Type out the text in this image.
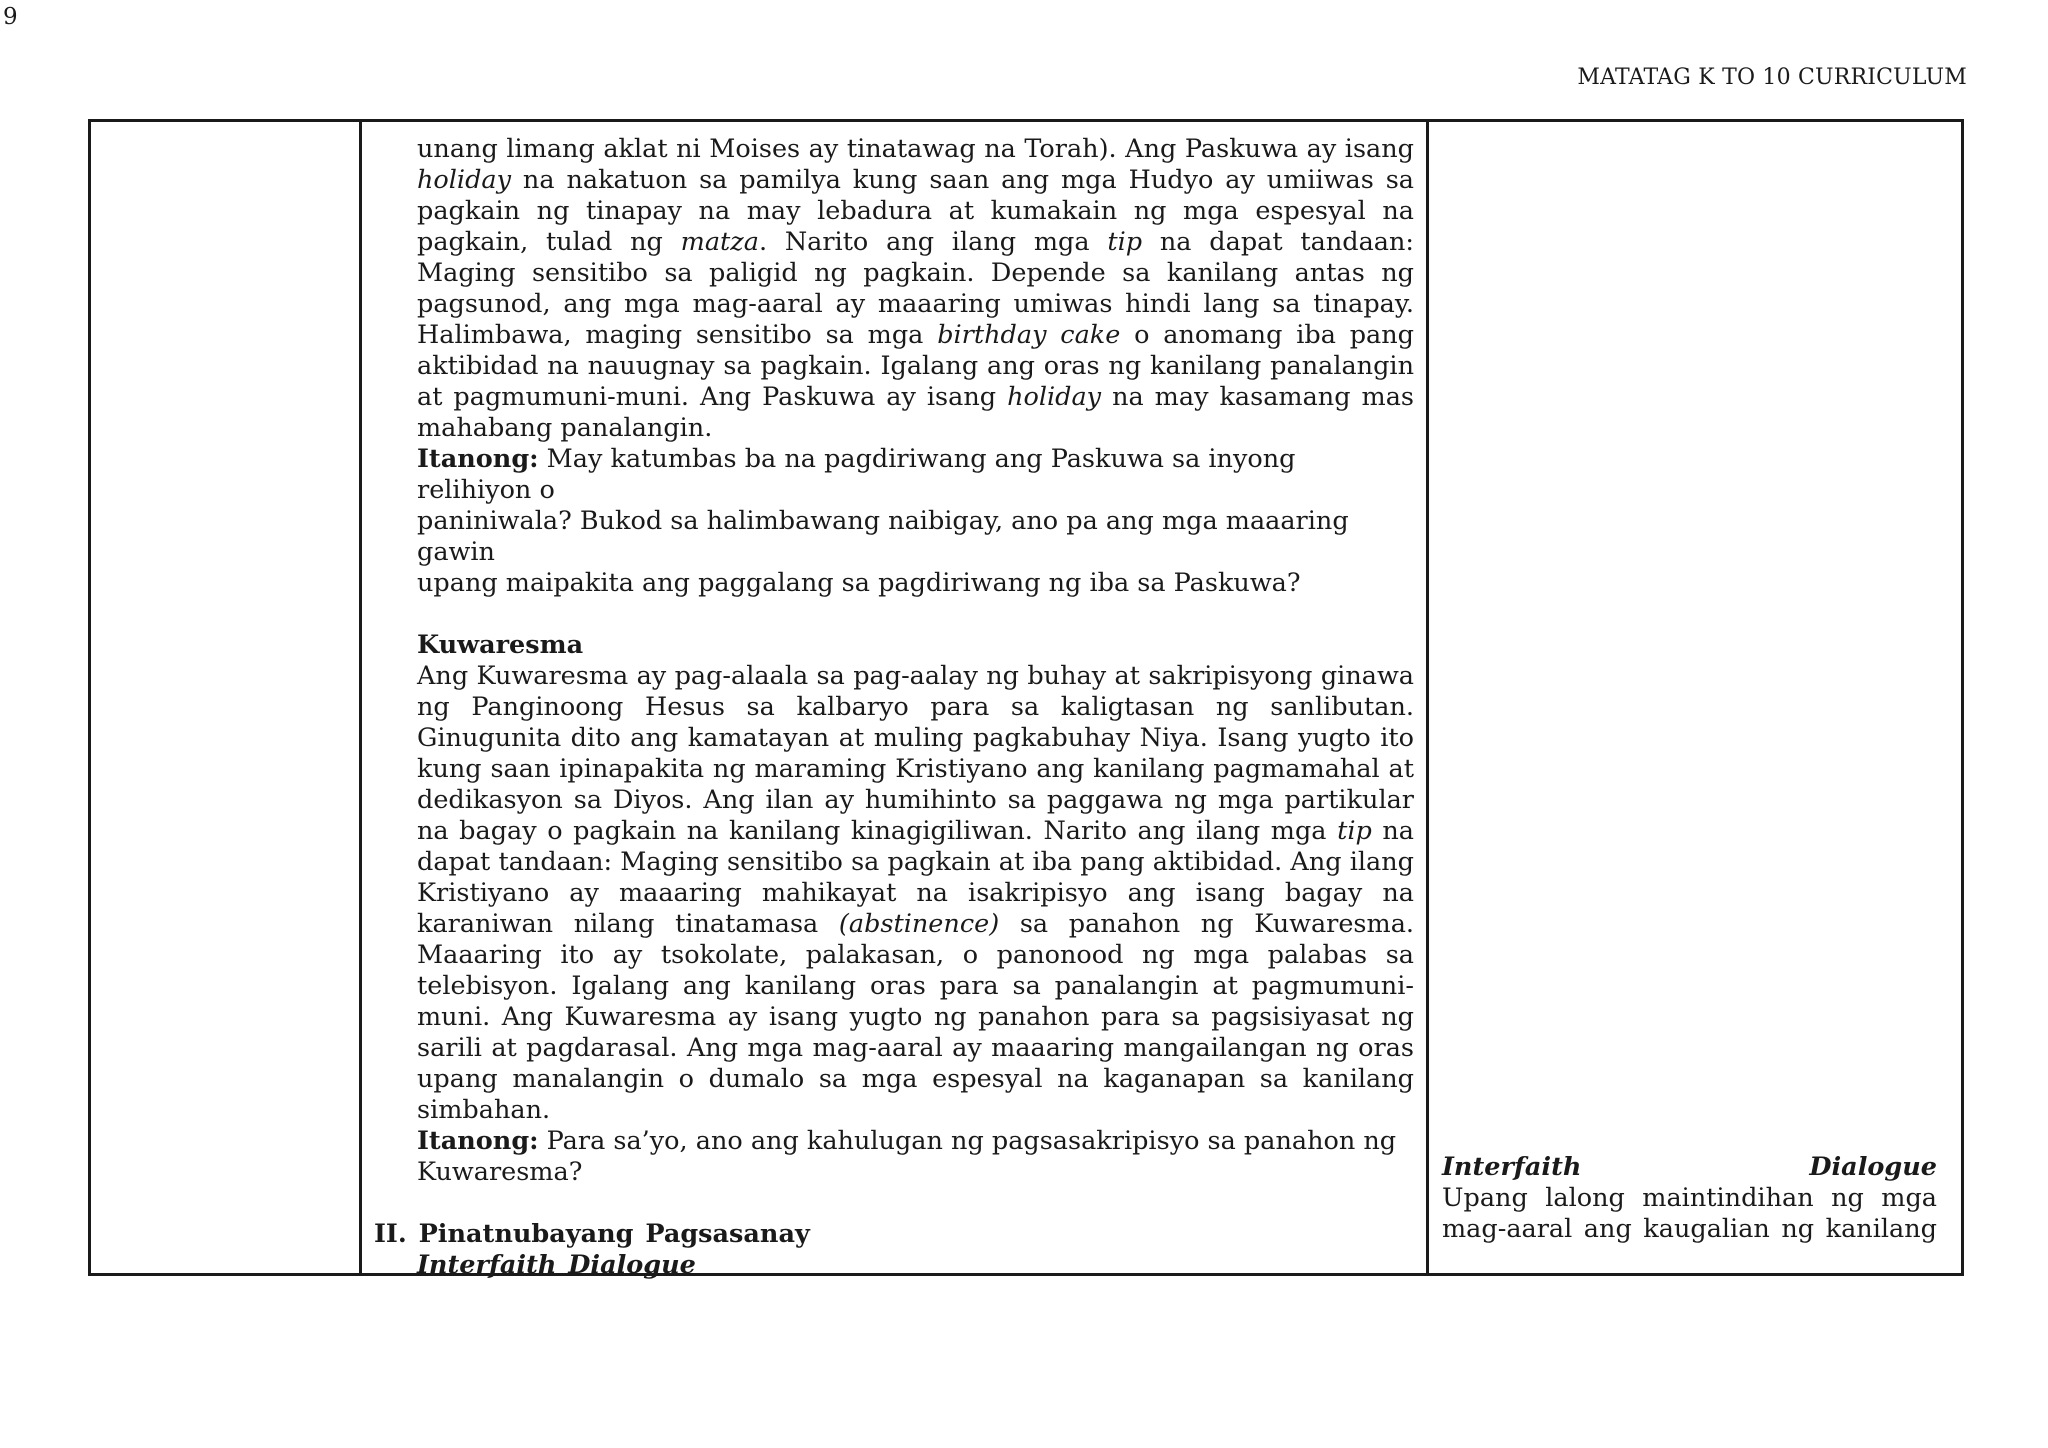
9
MATATAG K TO 10 CURRICULUM

unang limang aklat ni Moises ay tinatawag na Torah). Ang Paskuwa ay isang holiday na nakatuon sa pamilya kung saan ang mga Hudyo ay umiiwas sa pagkain ng tinapay na may lebadura at kumakain ng mga espesyal na pagkain, tulad ng matza. Narito ang ilang mga tip na dapat tandaan: Maging sensitibo sa paligid ng pagkain. Depende sa kanilang antas ng pagsunod, ang mga mag-aaral ay maaaring umiwas hindi lang sa tinapay. Halimbawa, maging sensitibo sa mga birthday cake o anomang iba pang aktibidad na nauugnay sa pagkain. Igalang ang oras ng kanilang panalangin at pagmumuni-muni. Ang Paskuwa ay isang holiday na may kasamang mas mahabang panalangin.

Itanong: May katumbas ba na pagdiriwang ang Paskuwa sa inyong relihiyon o
paniniwala? Bukod sa halimbawang naibigay, ano pa ang mga maaaring gawin
upang maipakita ang paggalang sa pagdiriwang ng iba sa Paskuwa?

Kuwaresma

Ang Kuwaresma ay pag-alaala sa pag-aalay ng buhay at sakripisyong ginawa ng Panginoong Hesus sa kalbaryo para sa kaligtasan ng sanlibutan. Ginugunita dito ang kamatayan at muling pagkabuhay Niya. Isang yugto ito kung saan ipinapakita ng maraming Kristiyano ang kanilang pagmamahal at dedikasyon sa Diyos. Ang ilan ay humihinto sa paggawa ng mga partikular na bagay o pagkain na kanilang kinagigiliwan. Narito ang ilang mga tip na dapat tandaan: Maging sensitibo sa pagkain at iba pang aktibidad. Ang ilang Kristiyano ay maaaring mahikayat na isakripisyo ang isang bagay na karaniwan nilang tinatamasa (abstinence) sa panahon ng Kuwaresma. Maaaring ito ay tsokolate, palakasan, o panonood ng mga palabas sa telebisyon. Igalang ang kanilang oras para sa panalangin at pagmumuni- muni. Ang Kuwaresma ay isang yugto ng panahon para sa pagsisiyasat ng sarili at pagdarasal. Ang mga mag-aaral ay maaaring mangailangan ng oras upang manalangin o dumalo sa mga espesyal na kaganapan sa kanilang simbahan.

Itanong: Para sa’yo, ano ang kahulugan ng pagsasakripisyo sa panahon ng
Kuwaresma?

II. Pinatnubayang Pagsasanay

Interfaith Dialogue

Interfaith Dialogue

Upang lalong maintindihan ng mga

mag-aaral ang kaugalian ng kanilang
